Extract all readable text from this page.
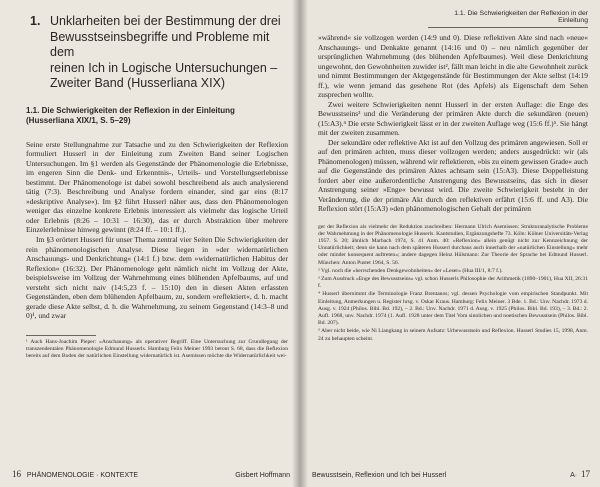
1. Unklarheiten bei der Bestimmung der drei
Bewusstseinsbegriffe und Probleme mit dem
reinen Ich in Logische Untersuchungen –
Zweiter Band (Husserliana XIX)
1.1. Die Schwierigkeiten der Reflexion in der Einleitung
(Husserliana XIX/1, S. 5–29)

Seine erste Stellungnahme zur Tatsache und zu den Schwierigkeiten der Reflexion formuliert Husserl in der Einleitung zum Zweiten Band seiner Logischen Untersuchungen. Im §1 werden als Gegenstände der Phänomenologie die Erlebnisse, im engeren Sinn die Denk- und Erkenntnis-, Urteils- und Vorstellungserlebnisse bestimmt. Der Phänomenologe ist dabei sowohl beschreibend als auch analysierend tätig (7:3). Beschreibung und Analyse fordern einander, sind gar eins (8:17 »deskriptive Analyse«). Im §2 führt Husserl näher aus, dass den Phänomenologen weniger das einzelne konkrete Erlebnis interessiert als vielmehr das logische Urteil oder Erlebnis (8:26 – 10:31 – 16:30), das er durch Abstraktion über mehrere Einzelerlebnisse hinweg gewinnt (8:24 ff. – 10:1 ff.).

Im §3 erörtert Husserl für unser Thema zentral vier Seiten Die Schwierigkeiten der rein phänomenologischen Analyse. Diese liegen in »der widernatürlichen Anschauungs- und Denkrichtung« (14:1 f.) bzw. dem »widernatürlichen Habitus der Reflexion« (16:32). Der Phänomenologe geht nämlich nicht im Vollzug der Akte, beispielsweise im Vollzug der Wahrnehmung eines blühenden Apfelbaums, auf und versteht sich nicht naiv (14:5,23 f. – 15:10) den in diesen Akten erfassten Gegenständen, eben dem blühenden Apfelbaum, zu, sondern »reflektiert«, d. h. macht gerade diese Akte selbst, d. h. die Wahrnehmung, zu seinem Gegenstand (14:3–8 und 0)¹, und zwar

¹ Auch Hans-Joachim Pieper: »Anschauung« als operativer Begriff. Eine Untersuchung zur Grundlegung der transzendentalen Phänomenologie Edmund Husserls. Hamburg Felix Meiner 1993 betont S. 68, dass die Reflexion bereits auf dem Boden der natürlichen Einstellung widernatürlich ist. Asemissen möchte die Widernatürlichkeit wei-

16 PHÄNOMENOLOGIE · KONTEXTE	Gisbert Hoffmann
1.1. Die Schwierigkeiten der Reflexion in der Einleitung

»während« sie vollzogen werden (14:9 und 0). Diese reflektiven Akte sind nach »neue« Anschauungs- und Denkakte genannt (14:16 und 0) – neu nämlich gegenüber der ursprünglichen Wahrnehmung (des blühenden Apfelbaumes). Weil diese Denkrichtung ungewohnt, den Gewohnheiten zuwider ist², fällt man leicht in die alte Gewohnheit zurück und nimmt Bestimmungen der Aktgegenstände für Bestimmungen der Akte selbst (14:19 ff.), wie wenn jemand das gesehene Rot (des Apfels) als Eigenschaft dem Sehen zusprechen wollte.

Zwei weitere Schwierigkeiten nennt Husserl in der ersten Auflage: die Enge des Bewusstseins³ und die Veränderung der primären Akte durch die sekundären (neuen) (15:A3).⁴ Die erste Schwierigkeit lässt er in der zweiten Auflage weg (15:6 ff.)⁵. Sie hängt mit der zweiten zusammen.

Der sekundäre oder reflektive Akt ist auf den Vollzug des primären angewiesen. Soll er auf den primären achten, muss dieser vollzogen werden; anders ausgedrückt: wir (als Phänomenologen) müssen, während wir reflektieren, »bis zu einem gewissen Grade« auch auf die Gegenstände des primären Aktes achtsam sein (15:A3). Diese Doppelleistung fordert aber eine außerordentliche Anstrengung des Bewusstseins, das sich in dieser Anstrengung seiner »Enge« bewusst wird. Die zweite Schwierigkeit besteht in der Veränderung, die der primäre Akt durch den reflektiven erfährt (15:6 ff. und A3). Die Reflexion stört (15:A3) »den phänomenologischen Gehalt der primären

ger der Reflexion als vielmehr der Reduktion zuschreiben: Hermann Ulrich Asemissen: Strukturanalytische Probleme der Wahrnehmung in der Phänomenologie Husserls. Kantstudien, Ergänzungshefte 73. Köln: Kölner Universitäts-Verlag 1957. S. 20; ähnlich Marbach 1974, S. 41 Anm. 40: »Reflexion« allein genügt nicht zur Kennzeichnung der Unnatürlichkeit; denn sie kann nach dem späteren Husserl durchaus auch innerhalb der »natürlichen Einstellung« mehr oder minder konsequent auftreten«; andere dagegen Heinz Hülsmann: Zur Theorie der Sprache bei Edmund Husserl. München: Anton Pustet 1964, S. 56.

² Vgl. noch die »herrschenden Denkgewohnheiten« der »Leser« (Hua III/1, 8:7 f.).

³ Zum Ausdruck »Enge des Bewusstseins« vgl. schon Husserls Philosophie der Arithmetik (1890–1901), Hua XII, 26:31 f.

⁴ Husserl übernimmt die Terminologie Franz Brentanos; vgl. dessen Psychologie vom empirischen Standpunkt. Mit Einleitung, Anmerkungen u. Register hrsg. v. Oskar Kraus. Hamburg: Felix Meiner. 3 Bde. 1. Bd.: Unv. Nachdr. 1973 d. Ausg. v. 1924 (Philos. Bibl. Bd. 192), – 2. Bd.: Unv. Nachdr. 1971 d. Ausg. v. 1925 (Philos. Bibl. Bd. 193), – 3. Bd.: 2. Aufl. 1968, unv. Nachdr. 1974 (1. Aufl. 1928 unter dem Titel Vom sinnlichen und noetischen Bewusstsein (Philos. Bibl. Bd. 207).

⁵ Aber nicht beide, wie Ni Liangkang in seinem Aufsatz: Urbewusstsein und Reflexion. Husserl Studies 15, 1998, Anm. 24 zu behaupten scheint.

Bewusstsein, Reflexion und Ich bei Husserl	A· 17
